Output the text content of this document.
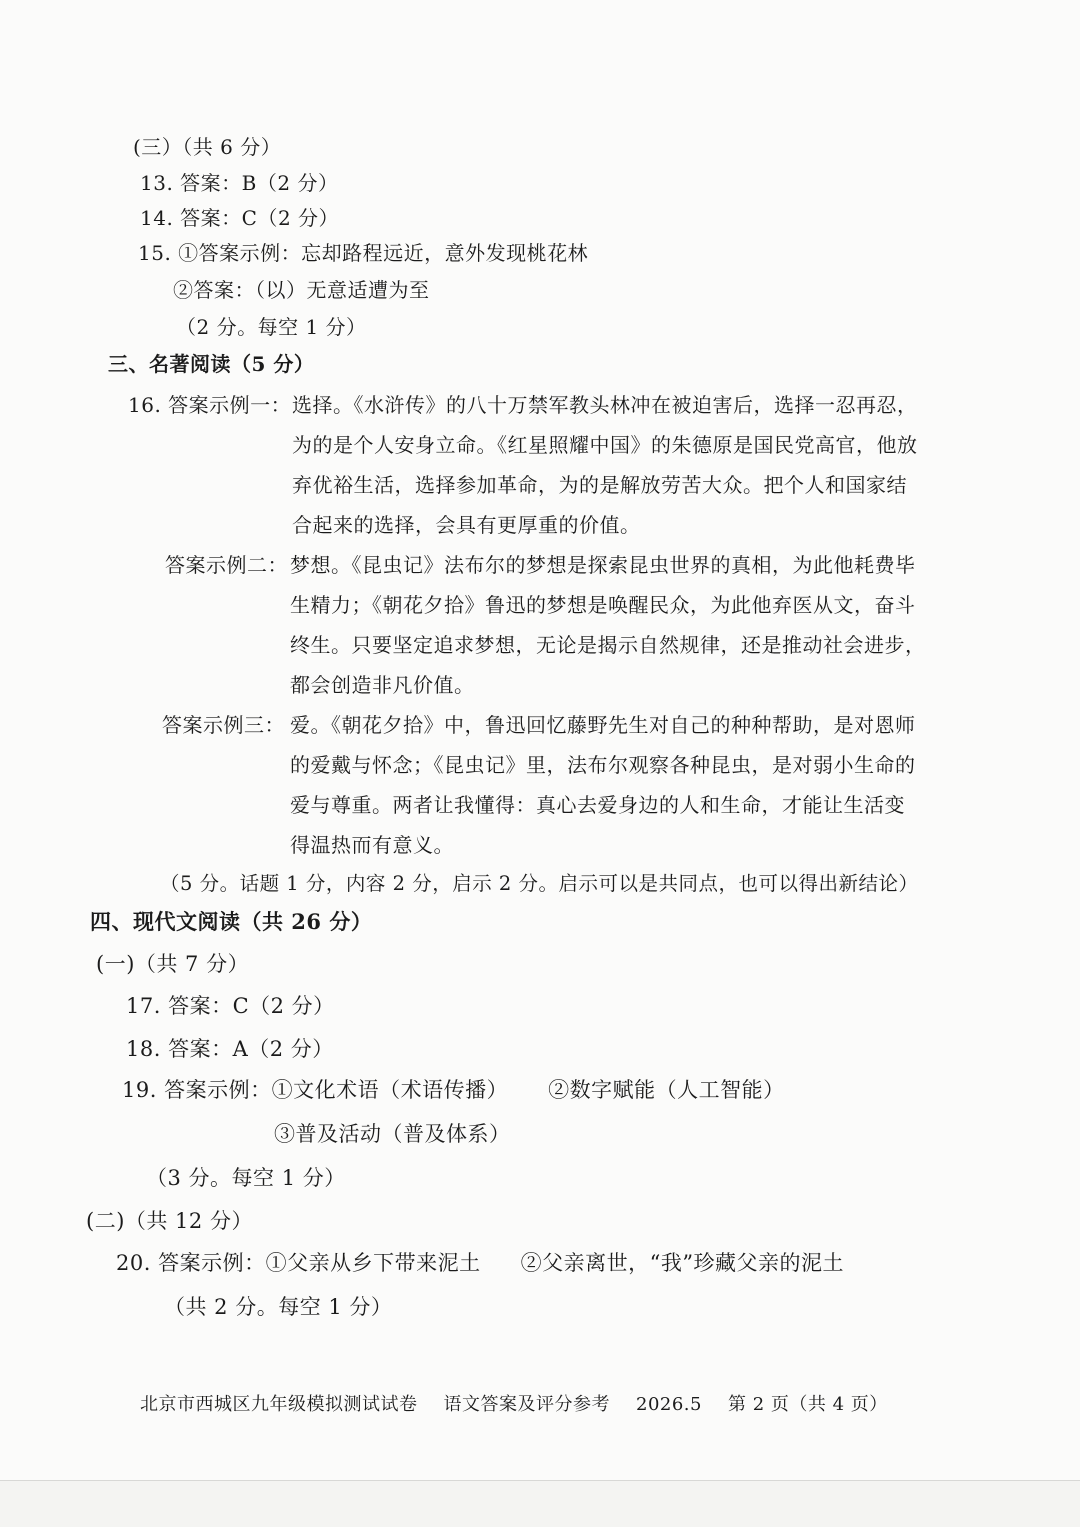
(三）（共 6 分）
13. 答案：B（2 分）
14. 答案：C（2 分）
15. ①答案示例：忘却路程远近，意外发现桃花林
②答案：（以）无意适遭为至
（2 分。每空 1 分）
三、名著阅读（5 分）
16. 答案示例一： 选择。《水浒传》的八十万禁军教头林冲在被迫害后，选择一忍再忍，
为的是个人安身立命。《红星照耀中国》的朱德原是国民党高官，他放
弃优裕生活，选择参加革命，为的是解放劳苦大众。把个人和国家结
合起来的选择，会具有更厚重的价值。
答案示例二： 梦想。《昆虫记》法布尔的梦想是探索昆虫世界的真相，为此他耗费毕
生精力；《朝花夕拾》鲁迅的梦想是唤醒民众，为此他弃医从文，奋斗
终生。只要坚定追求梦想，无论是揭示自然规律，还是推动社会进步，
都会创造非凡价值。
答案示例三： 爱。《朝花夕拾》中，鲁迅回忆藤野先生对自己的种种帮助，是对恩师
的爱戴与怀念；《昆虫记》里，法布尔观察各种昆虫，是对弱小生命的
爱与尊重。两者让我懂得：真心去爱身边的人和生命，才能让生活变
得温热而有意义。
（5 分。话题 1 分，内容 2 分，启示 2 分。启示可以是共同点，也可以得出新结论）
四、现代文阅读（共 26 分）
(一)（共 7 分）
17. 答案：C（2 分）
18. 答案：A（2 分）
19. 答案示例：①文化术语（术语传播） ②数字赋能（人工智能）
③普及活动（普及体系）
（3 分。每空 1 分）
(二)（共 12 分）
20. 答案示例：①父亲从乡下带来泥土 ②父亲离世，“我”珍藏父亲的泥土
（共 2 分。每空 1 分）
北京市西城区九年级模拟测试试卷 语文答案及评分参考 2026.5 第 2 页（共 4 页）
